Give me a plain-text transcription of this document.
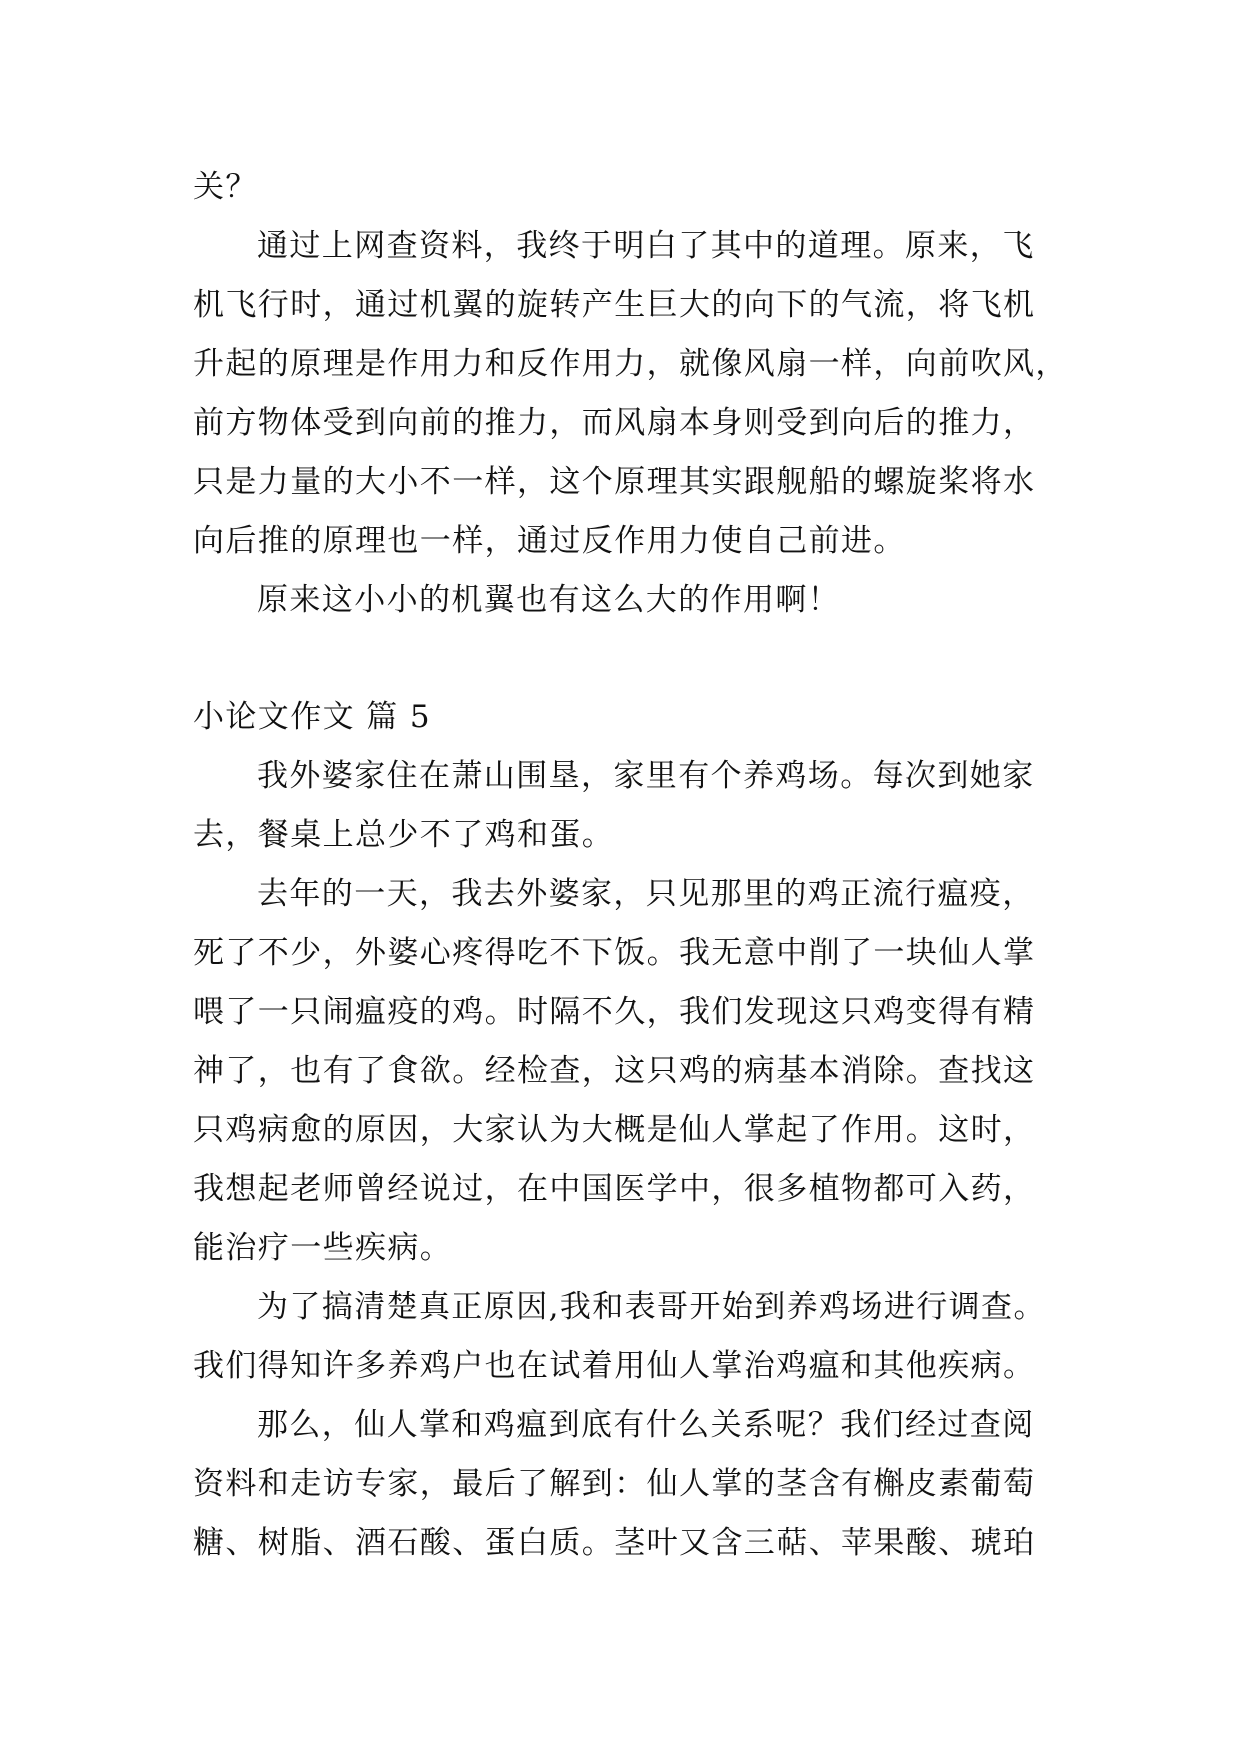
关？
通过上网查资料，我终于明白了其中的道理。原来，飞
机飞行时，通过机翼的旋转产生巨大的向下的气流，将飞机
升起的原理是作用力和反作用力，就像风扇一样，向前吹风，
前方物体受到向前的推力，而风扇本身则受到向后的推力，
只是力量的大小不一样，这个原理其实跟舰船的螺旋桨将水
向后推的原理也一样，通过反作用力使自己前进。
原来这小小的机翼也有这么大的作用啊！
小论文作文 篇 5
我外婆家住在萧山围垦，家里有个养鸡场。每次到她家
去，餐桌上总少不了鸡和蛋。
去年的一天，我去外婆家，只见那里的鸡正流行瘟疫，
死了不少，外婆心疼得吃不下饭。我无意中削了一块仙人掌
喂了一只闹瘟疫的鸡。时隔不久，我们发现这只鸡变得有精
神了，也有了食欲。经检查，这只鸡的病基本消除。查找这
只鸡病愈的原因，大家认为大概是仙人掌起了作用。这时，
我想起老师曾经说过，在中国医学中，很多植物都可入药，
能治疗一些疾病。
为了搞清楚真正原因,我和表哥开始到养鸡场进行调查。
我们得知许多养鸡户也在试着用仙人掌治鸡瘟和其他疾病。
那么，仙人掌和鸡瘟到底有什么关系呢？我们经过查阅
资料和走访专家，最后了解到：仙人掌的茎含有槲皮素葡萄
糖、树脂、酒石酸、蛋白质。茎叶又含三萜、苹果酸、琥珀
